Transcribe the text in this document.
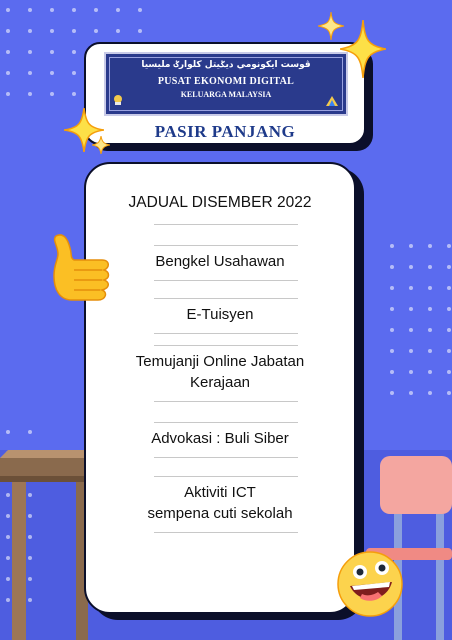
ڤوست ايکونومي ديݢيتل کلوارݢ مليسيا
PUSAT EKONOMI DIGITAL
KELUARGA MALAYSIA
PASIR PANJANG
JADUAL DISEMBER 2022
Bengkel Usahawan
E-Tuisyen
Temujanji Online Jabatan
Kerajaan
Advokasi : Buli Siber
Aktiviti ICT
sempena cuti sekolah
